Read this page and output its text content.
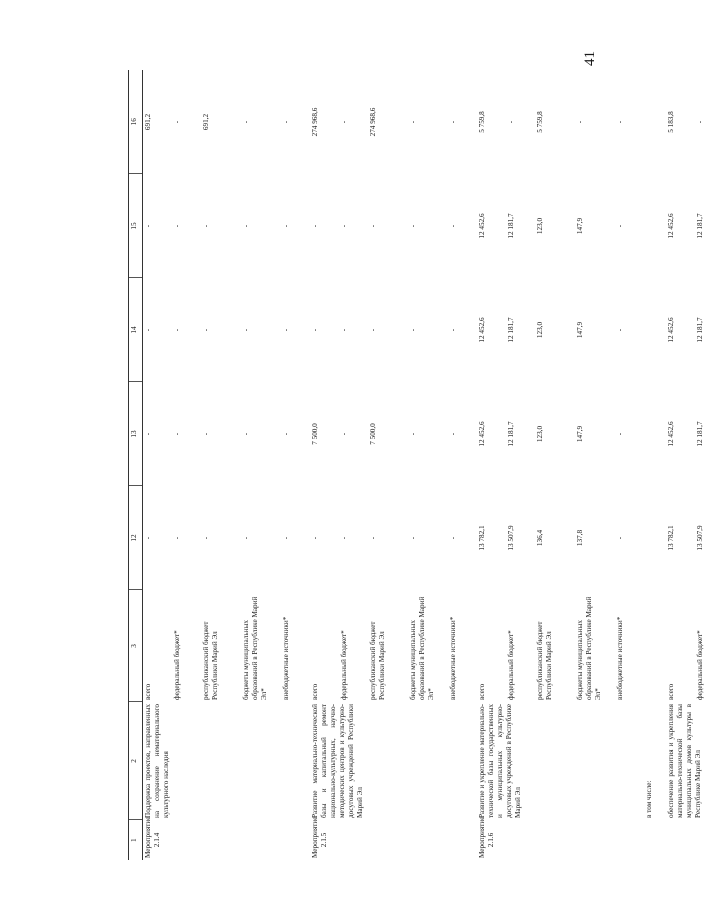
41
1	2	3	12	13	14	15	16
Мероприятие 2.1.4	Поддержка проектов, направленных на сохранение нематериального культурного наследия	всего	-	-	-	-	691,2
		федеральный бюджет*	-	-	-	-	-
		республиканский бюджет Республики Марий Эл	-	-	-	-	691,2
		бюджеты муниципальных образований в Республике Марий Эл*	-	-	-	-	-
		внебюджетные источники*	-	-	-	-	-
Мероприятие 2.1.5	Развитие материально-технической базы и капитальный ремонт национально-культурных, научно-методических центров и культурно-досуговых учреждений Республики Марий Эл	всего	-	7 500,0	-	-	274 968,6
		федеральный бюджет*	-	-	-	-	-
		республиканский бюджет Республики Марий Эл	-	7 500,0	-	-	274 968,6
		бюджеты муниципальных образований в Республике Марий Эл*	-	-	-	-	-
		внебюджетные источники*	-	-	-	-	-
Мероприятие 2.1.6	Развитие и укрепление материально-технической базы государственных и муниципальных культурно-досуговых учреждений в Республике Марий Эл	всего	13 782,1	12 452,6	12 452,6	12 452,6	5 759,8
		федеральный бюджет*	13 507,9	12 181,7	12 181,7	12 181,7	-
		республиканский бюджет Республики Марий Эл	136,4	123,0	123,0	123,0	5 759,8
		бюджеты муниципальных образований в Республике Марий Эл*	137,8	147,9	147,9	147,9	-
		внебюджетные источники*	-	-	-	-	-
	в том числе:						
	обеспечение развития и укрепления материально-технической базы муниципальных домов культуры в Республике Марий Эл	всего	13 782,1	12 452,6	12 452,6	12 452,6	5 183,8
		федеральный бюджет*	13 507,9	12 181,7	12 181,7	12 181,7	-
